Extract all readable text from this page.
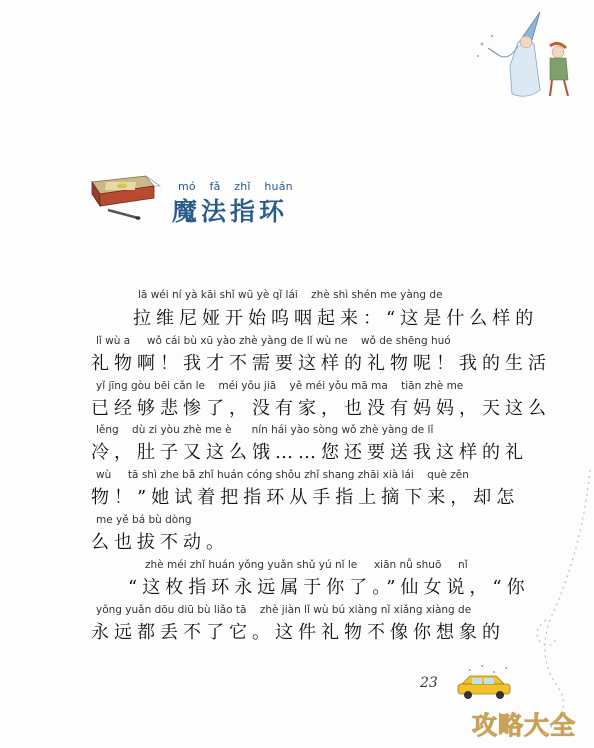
mó fǎ zhǐ huán
魔法指环
lā wéi ní yà kāi shǐ wū yè qǐ lái    zhè shì shén me yàng de
拉维尼娅开始呜咽起来：“这是什么样的
lǐ wù a     wǒ cái bù xū yào zhè yàng de lǐ wù ne    wǒ de shēng huó
礼物啊！我才不需要这样的礼物呢！我的生活
yǐ jīng gòu bēi cǎn le    méi yǒu jiā    yě méi yǒu mā ma    tiān zhè me
已经够悲惨了，没有家，也没有妈妈，天这么
lěng    dù zi yòu zhè me è      nín hái yào sòng wǒ zhè yàng de lǐ
冷，肚子又这么饿……您还要送我这样的礼
wù     tā shì zhe bǎ zhǐ huán cóng shǒu zhǐ shang zhāi xià lái    què zěn
物！”她试着把指环从手指上摘下来，却怎
me yě bá bù dòng
么也拔不动。
zhè méi zhǐ huán yǒng yuǎn shǔ yú nǐ le     xiān nǚ shuō     nǐ
“这枚指环永远属于你了。”仙女说，“你
yǒng yuǎn dōu diū bù liǎo tā    zhè jiàn lǐ wù bú xiàng nǐ xiǎng xiàng de
永远都丢不了它。这件礼物不像你想象的
23
攻略大全
